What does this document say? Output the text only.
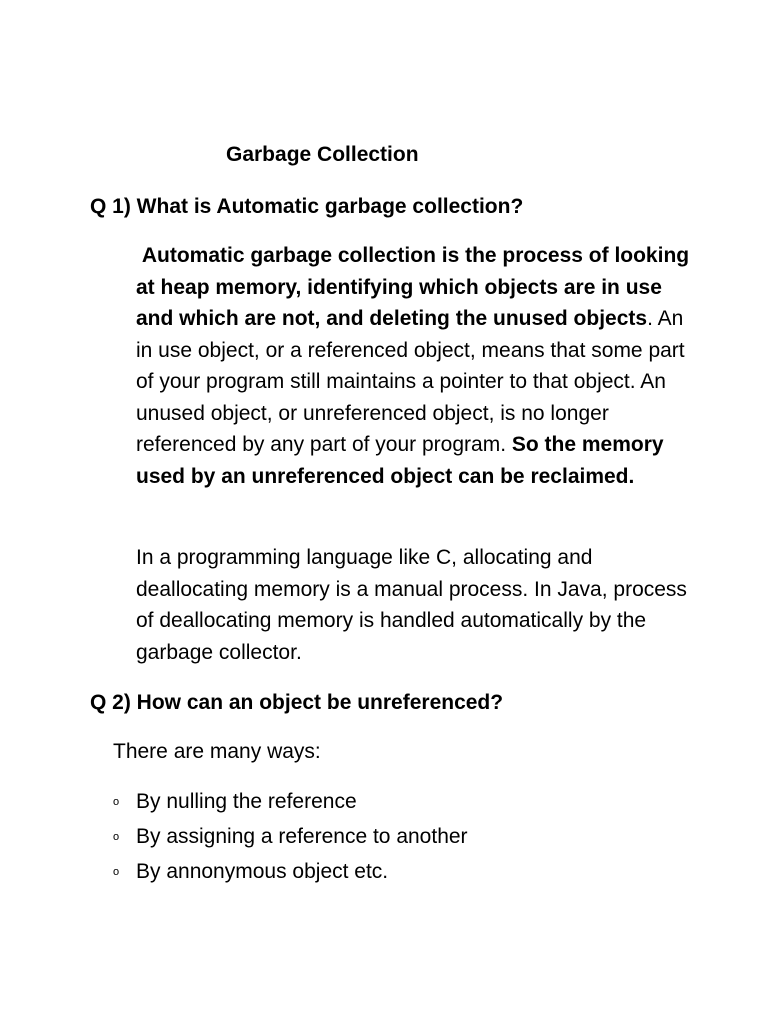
Garbage Collection
Q 1) What is Automatic garbage collection?

Automatic garbage collection is the process of looking at heap memory, identifying which objects are in use and which are not, and deleting the unused objects. An in use object, or a referenced object, means that some part of your program still maintains a pointer to that object. An unused object, or unreferenced object, is no longer referenced by any part of your program. So the memory used by an unreferenced object can be reclaimed.

In a programming language like C, allocating and deallocating memory is a manual process. In Java, process of deallocating memory is handled automatically by the garbage collector.

Q 2) How can an object be unreferenced?
There are many ways:
o By nulling the reference
o By assigning a reference to another
o By annonymous object etc.
